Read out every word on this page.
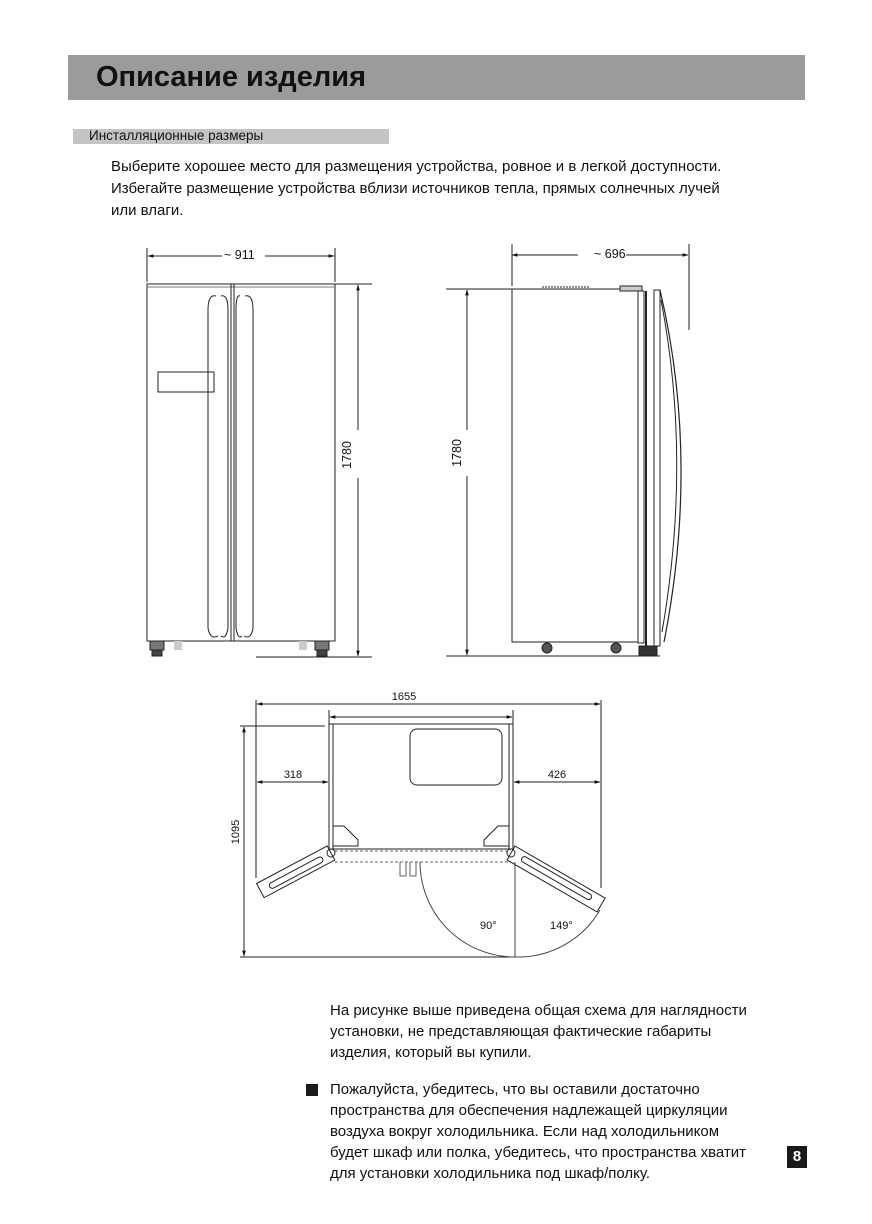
Описание изделия
Инсталляционные размеры

Выберите хорошее место для размещения устройства, ровное и в легкой доступности.

Избегайте размещение устройства вблизи источников тепла, прямых солнечных лучей

или влаги.

~ 911
1780
~ 696
1780
1655
318	426
1095
90°	149°

На рисунке выше приведена общая схема для наглядности

установки, не представляющая фактические габариты

изделия, который вы купили.

Пожалуйста, убедитесь, что вы оставили достаточно

пространства для обеспечения надлежащей циркуляции

воздуха вокруг холодильника. Если над холодильником

будет шкаф или полка, убедитесь, что пространства хватит

для установки холодильника под шкаф/полку.

8
